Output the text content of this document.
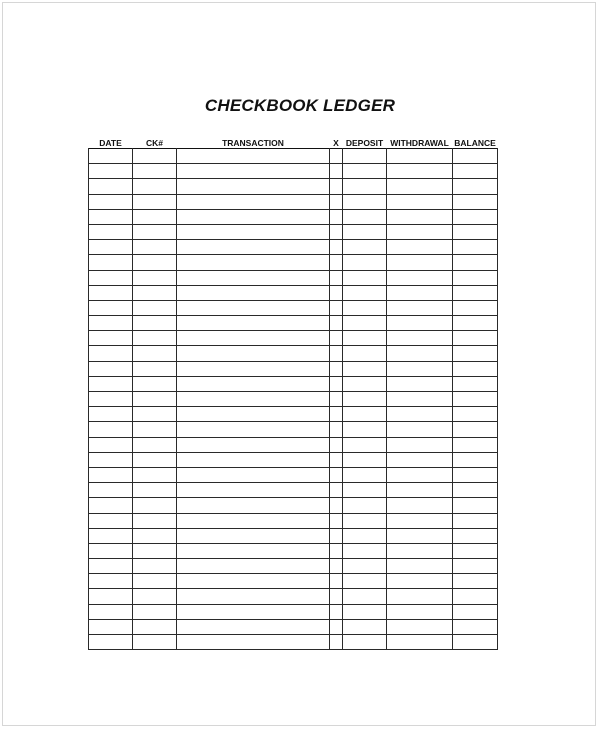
CHECKBOOK LEDGER
DATE	CK#	TRANSACTION	X	DEPOSIT	WITHDRAWAL	BALANCE
